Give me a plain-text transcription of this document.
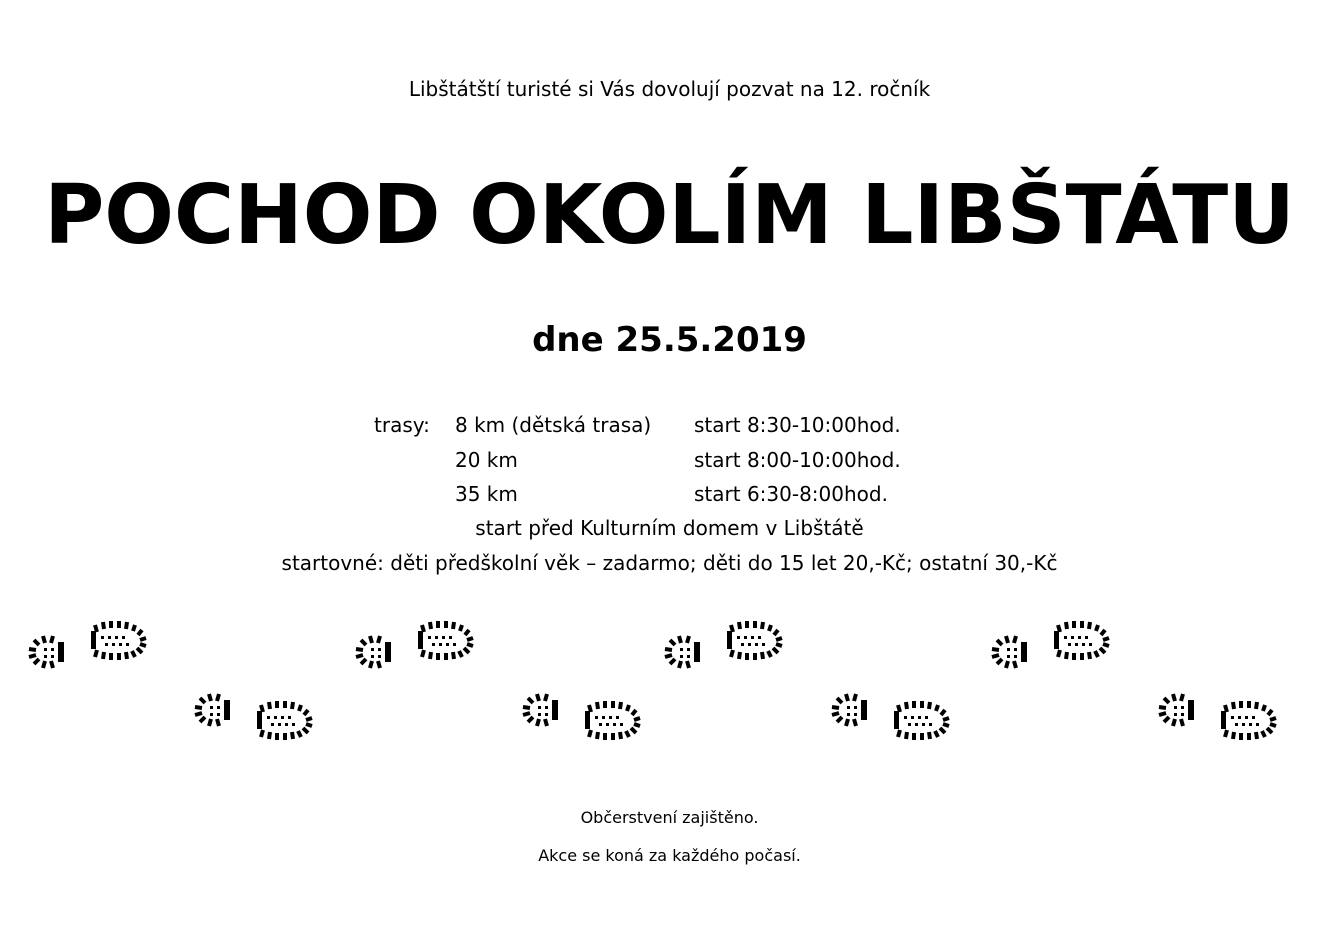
Libštátští turisté si Vás dovolují pozvat na 12. ročník
POCHOD OKOLÍM LIBŠTÁTU
dne 25.5.2019
trasy: 8 km (dětská trasa) start 8:30-10:00hod.
20 km	start 8:00-10:00hod.
35 km	start 6:30-8:00hod.
start před Kulturním domem v Libštátě
startovné: děti předškolní věk – zadarmo; děti do 15 let 20,-Kč; ostatní 30,-Kč
Občerstvení zajištěno.
Akce se koná za každého počasí.
